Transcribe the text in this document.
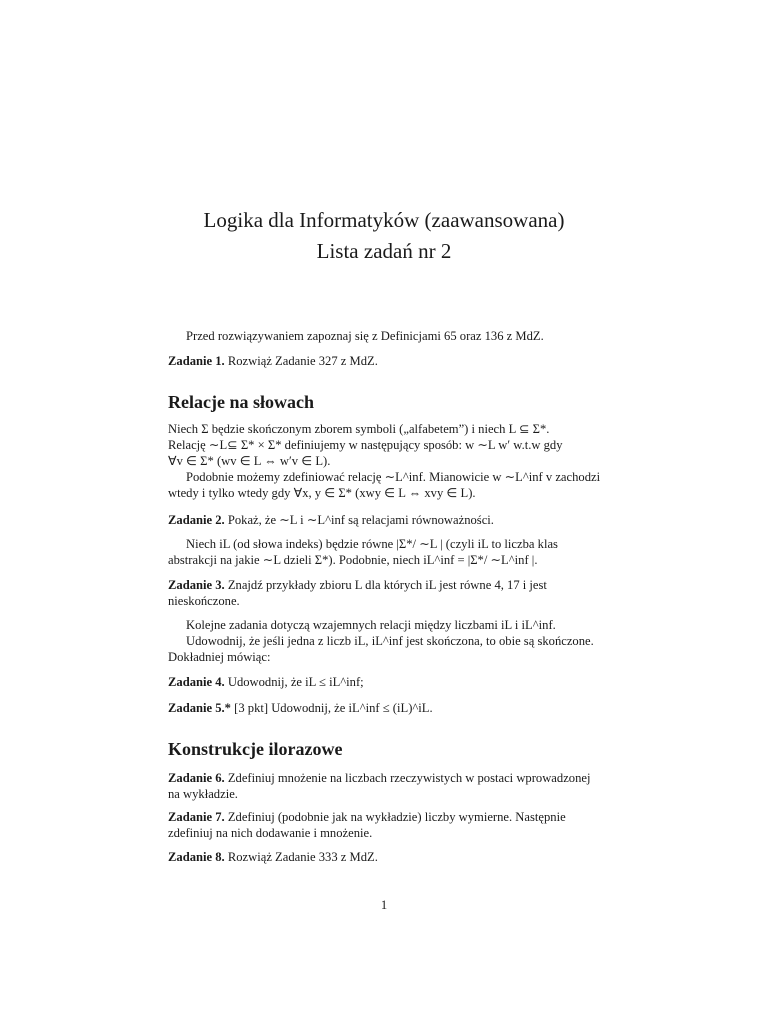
Logika dla Informatyków (zaawansowana)
Lista zadań nr 2
Przed rozwiązywaniem zapoznaj się z Definicjami 65 oraz 136 z MdZ.
Zadanie 1. Rozwiąż Zadanie 327 z MdZ.
Relacje na słowach
Niech Σ będzie skończonym zborem symboli („alfabetem”) i niech L ⊆ Σ*.
Relację ∼L⊆ Σ* × Σ* definiujemy w następujący sposób: w ∼L w′ w.t.w gdy
∀v ∈ Σ* (wv ∈ L ⇔ w′v ∈ L).
Podobnie możemy zdefiniować relację ∼L^inf. Mianowicie w ∼L^inf v zachodzi
wtedy i tylko wtedy gdy ∀x, y ∈ Σ* (xwy ∈ L ⇔ xvy ∈ L).
Zadanie 2. Pokaż, że ∼L i ∼L^inf są relacjami równoważności.
Niech iL (od słowa indeks) będzie równe |Σ*/ ∼L | (czyli iL to liczba klas
abstrakcji na jakie ∼L dzieli Σ*). Podobnie, niech iL^inf = |Σ*/ ∼L^inf |.
Zadanie 3. Znajdź przykłady zbioru L dla których iL jest równe 4, 17 i jest nieskończone.
Kolejne zadania dotyczą wzajemnych relacji między liczbami iL i iL^inf.
Udowodnij, że jeśli jedna z liczb iL, iL^inf jest skończona, to obie są skończone.
Dokładniej mówiąc:
Zadanie 4. Udowodnij, że iL ≤ iL^inf;
Zadanie 5.* [3 pkt] Udowodnij, że iL^inf ≤ (iL)^iL.
Konstrukcje ilorazowe
Zadanie 6. Zdefiniuj mnożenie na liczbach rzeczywistych w postaci wprowadzonej na wykładzie.
Zadanie 7. Zdefiniuj (podobnie jak na wykładzie) liczby wymierne. Następnie zdefiniuj na nich dodawanie i mnożenie.
Zadanie 8. Rozwiąż Zadanie 333 z MdZ.
1
